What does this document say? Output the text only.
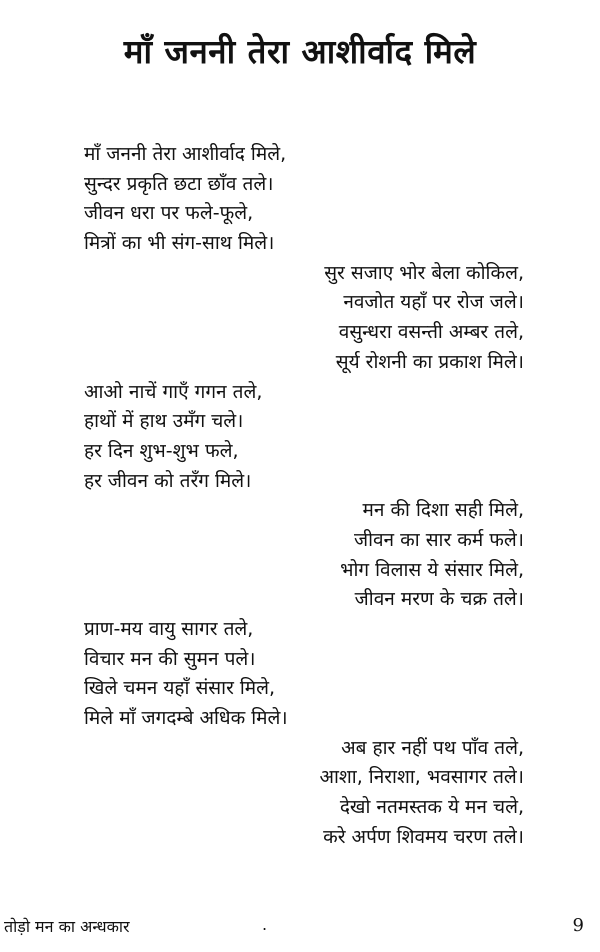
माँ जननी तेरा आशीर्वाद मिले
माँ जननी तेरा आशीर्वाद मिले,
सुन्दर प्रकृति छटा छाँव तले।
जीवन धरा पर फले-फूले,
मित्रों का भी संग-साथ मिले।
सुर सजाए भोर बेला कोकिल,
नवजोत यहाँ पर रोज जले।
वसुन्धरा वसन्ती अम्बर तले,
सूर्य रोशनी का प्रकाश मिले।
आओ नाचें गाएँ गगन तले,
हाथों में हाथ उमँग चले।
हर दिन शुभ-शुभ फले,
हर जीवन को तरँग मिले।
मन की दिशा सही मिले,
जीवन का सार कर्म फले।
भोग विलास ये संसार मिले,
जीवन मरण के चक्र तले।
प्राण-मय वायु सागर तले,
विचार मन की सुमन पले।
खिले चमन यहाँ संसार मिले,
मिले माँ जगदम्बे अधिक मिले।
अब हार नहीं पथ पाँव तले,
आशा, निराशा, भवसागर तले।
देखो नतमस्तक ये मन चले,
करे अर्पण शिवमय चरण तले।
तोड़ो मन का अन्धकार	.	9
